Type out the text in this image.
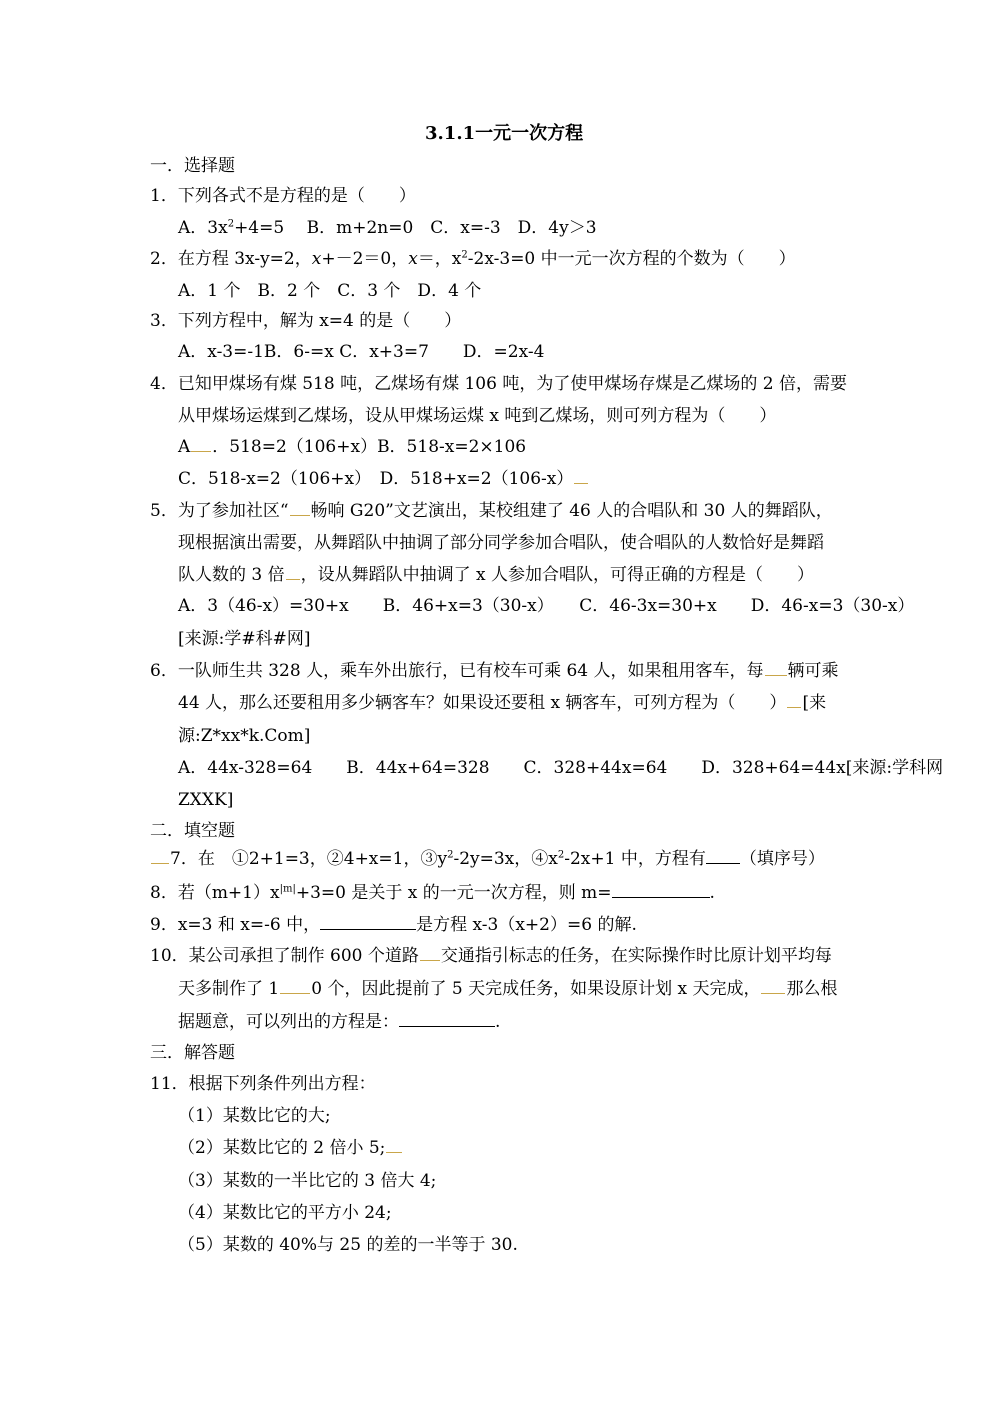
3.1.1一元一次方程
一．选择题
1．下列各式不是方程的是（　　）
A．$3x^2+4=5$　 B．m+2n=0　C．x=-3　D．4y＞3
2．在方程 3x-y=2，x+－2＝0，x＝，$x^2-2x-3=0$ 中一元一次方程的个数为（　　）
A．1 个　B．2 个　C．3 个　D．4 个
3．下列方程中，解为 x=4 的是（　　）
A．x-3=-1B．6-=x C．x+3=7　　D．=2x-4
4．已知甲煤场有煤 518 吨，乙煤场有煤 106 吨，为了使甲煤场存煤是乙煤场的 2 倍，需要
从甲煤场运煤到乙煤场，设从甲煤场运煤 x 吨到乙煤场，则可列方程为（　　）
A ．518=2（106+x）B．518-x=2×106
C．518-x=2（106+x）　D．518+x=2（106-x）
5．为了参加社区“ 畅响 G20”文艺演出，某校组建了 46 人的合唱队和 30 人的舞蹈队，
现根据演出需要，从舞蹈队中抽调了部分同学参加合唱队，使合唱队的人数恰好是舞蹈
队人数的 3 倍 ，设从舞蹈队中抽调了 x 人参加合唱队，可得正确的方程是（　　）
A．3（46-x）=30+x　　B．46+x=3（30-x）　　C．46-3x=30+x　　D．46-x=3（30-x）
[来源:学#科#网]
6．一队师生共 328 人，乘车外出旅行，已有校车可乘 64 人，如果租用客车，每 辆可乘
44 人，那么还要租用多少辆客车？如果设还要租 x 辆客车，可列方程为（　　） [来
源:Z*xx*k.Com]
A．44x-328=64　　B．44x+64=328　　C．328+44x=64　　D．328+64=44x[来源:学科网
ZXXK]
二．填空题
7．在　①2+1=3，②4+x=1，$③y^2-2y=3x$，$④x^2-2x+1$ 中，方程有 （填序号）
8．若$(m+1)x^{|m|}+3=0$ 是关于 x 的一元一次方程，则 m=	.
9．x=3 和 x=-6 中，	是方程 x-3（x+2）=6 的解.
10．某公司承担了制作 600 个道路 交通指引标志的任务，在实际操作时比原计划平均每
天多制作了 1 0 个，因此提前了 5 天完成任务，如果设原计划 x 天完成， 那么根
据题意，可以列出的方程是：	.
三．解答题
11．根据下列条件列出方程：
（1）某数比它的大;
（2）某数比它的 2 倍小 5;
（3）某数的一半比它的 3 倍大 4;
（4）某数比它的平方小 24;
（5）某数的 40%与 25 的差的一半等于 30.
